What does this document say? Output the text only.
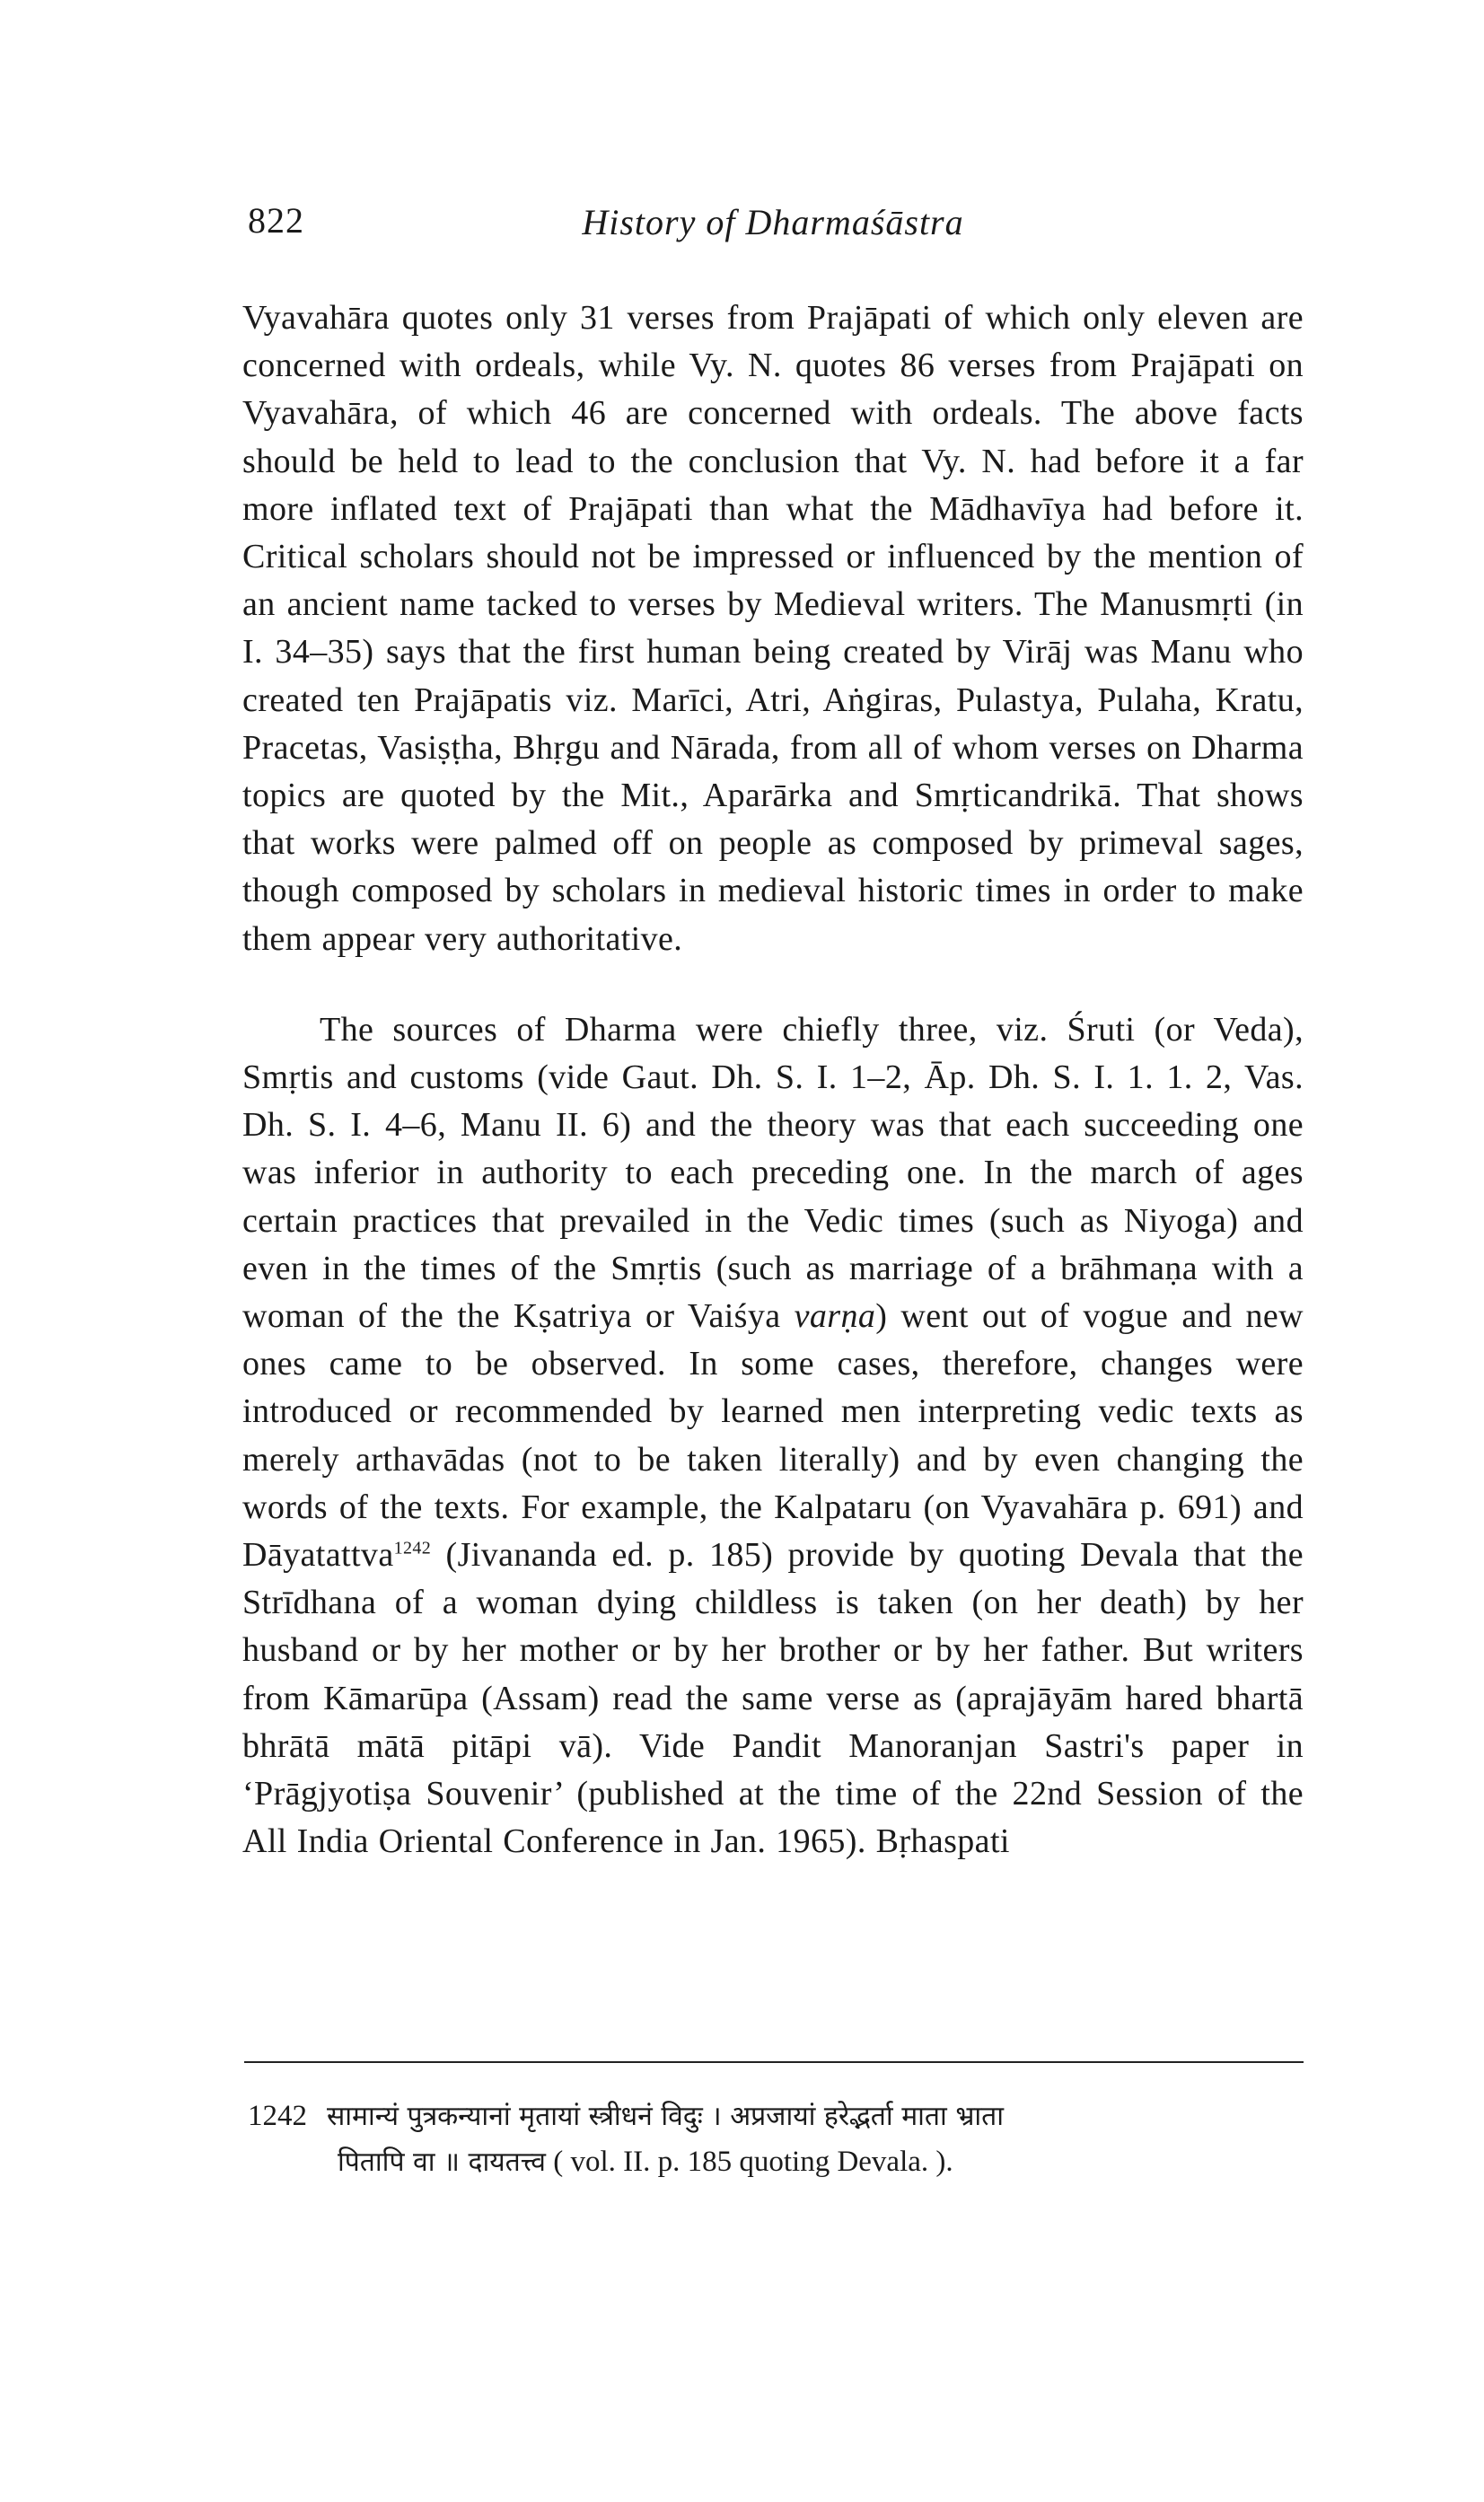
822	History of Dharmaśāstra

Vyavahāra quotes only 31 verses from Prajāpati of which only eleven are concerned with ordeals, while Vy. N. quotes 86 verses from Prajāpati on Vyavahāra, of which 46 are concerned with ordeals. The above facts should be held to lead to the conclusion that Vy. N. had before it a far more inflated text of Prajāpati than what the Mādhavīya had before it. Critical scholars should not be impressed or influenced by the mention of an ancient name tacked to verses by Medieval writers. The Manusmṛti (in I. 34–35) says that the first human being created by Virāj was Manu who created ten Prajāpatis viz. Marīci, Atri, Aṅgiras, Pulastya, Pulaha, Kratu, Pracetas, Vasiṣṭha, Bhṛgu and Nārada, from all of whom verses on Dharma topics are quoted by the Mit., Aparārka and Smṛticandrikā. That shows that works were palmed off on people as composed by primeval sages, though composed by scholars in medieval historic times in order to make them appear very authoritative.

The sources of Dharma were chiefly three, viz. Śruti (or Veda), Smṛtis and customs (vide Gaut. Dh. S. I. 1–2, Āp. Dh. S. I. 1. 1. 2, Vas. Dh. S. I. 4–6, Manu II. 6) and the theory was that each succeeding one was inferior in authority to each preceding one. In the march of ages certain practices that prevailed in the Vedic times (such as Niyoga) and even in the times of the Smṛtis (such as marriage of a brāhmaṇa with a woman of the the Kṣatriya or Vaiśya varṇa) went out of vogue and new ones came to be observed. In some cases, therefore, changes were introduced or recommended by learned men interpreting vedic texts as merely arthavādas (not to be taken literally) and by even changing the words of the texts. For example, the Kalpataru (on Vyavahāra p. 691) and Dāyatattva$^{1242}$ (Jivananda ed. p. 185) provide by quoting Devala that the Strīdhana of a woman dying childless is taken (on her death) by her husband or by her mother or by her brother or by her father. But writers from Kāmarūpa (Assam) read the same verse as (aprajāyām hared bhartā bhrātā mātā pitāpi vā). Vide Pandit Manoranjan Sastri's paper in ‘Prāgjyotiṣa Souvenir’ (published at the time of the 22nd Session of the All India Oriental Conference in Jan. 1965). Bṛhaspati

1242 सामान्यं पुत्रकन्यानां मृतायां स्त्रीधनं विदुः । अप्रजायां हरेद्भर्ता माता भ्राता
पितापि वा ॥ दायतत्त्व ( vol. II. p. 185 quoting Devala. ).
